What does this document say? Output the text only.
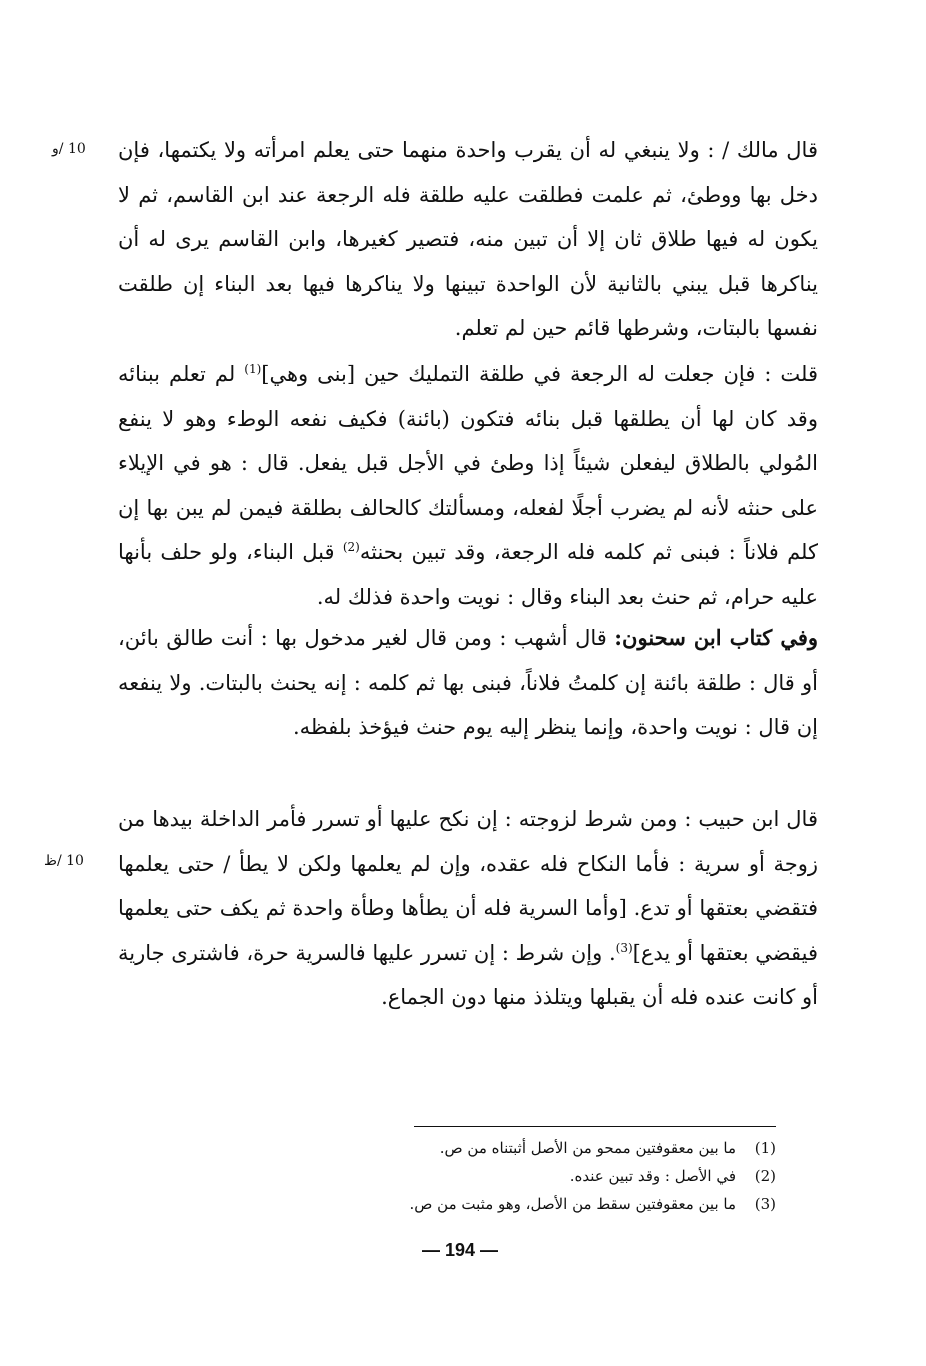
10 /و
10 /ظ
قال مالك / : ولا ينبغي له أن يقرب واحدة منهما حتى يعلم امرأته ولا يكتمها، فإن دخل بها ووطئ، ثم علمت فطلقت عليه طلقة فله الرجعة عند ابن القاسم، ثم لا يكون له فيها طلاق ثان إلا أن تبين منه، فتصير كغيرها، وابن القاسم يرى له أن يناكرها قبل يبني بالثانية لأن الواحدة تبينها ولا يناكرها فيها بعد البناء إن طلقت نفسها بالبتات، وشرطها قائم حين لم تعلم.
قلت : فإن جعلت له الرجعة في طلقة التمليك حين [بنى وهي]$^{(1)}$ لم تعلم ببنائه وقد كان لها أن يطلقها قبل بنائه فتكون (بائنة) فكيف نفعه الوطء وهو لا ينفع المُولي بالطلاق ليفعلن شيئاً إذا وطئ في الأجل قبل يفعل. قال : هو في الإيلاء على حنثه لأنه لم يضرب أجلًا لفعله، ومسألتك كالحالف بطلقة فيمن لم يبن بها إن كلم فلاناً : فبنى ثم كلمه فله الرجعة، وقد تبين بحنثه$^{(2)}$ قبل البناء، ولو حلف بأنها عليه حرام، ثم حنث بعد البناء وقال : نويت واحدة فذلك له.
وفي كتاب ابن سحنون: قال أشهب : ومن قال لغير مدخول بها : أنت طالق بائن، أو قال : طلقة بائنة إن كلمتُ فلاناً، فبنى بها ثم كلمه : إنه يحنث بالبتات. ولا ينفعه إن قال : نويت واحدة، وإنما ينظر إليه يوم حنث فيؤخذ بلفظه.
قال ابن حبيب : ومن شرط لزوجته : إن نكح عليها أو تسرر فأمر الداخلة بيدها من زوجة أو سرية : فأما النكاح فله عقده، وإن لم يعلمها ولكن لا يطأ / حتى يعلمها فتقضي بعتقها أو تدع. [وأما السرية فله أن يطأها وطأة واحدة ثم يكف حتى يعلمها فيقضي بعتقها أو يدع]$^{(3)}$. وإن شرط : إن تسرر عليها فالسرية حرة، فاشترى جارية أو كانت عنده فله أن يقبلها ويتلذذ منها دون الجماع.
(1)
ما بين معقوفتين ممحو من الأصل أثبتناه من ص.
(2)
في الأصل : وقد تبين عنده.
(3)
ما بين معقوفتين سقط من الأصل، وهو مثبت من ص.
— 194 —
